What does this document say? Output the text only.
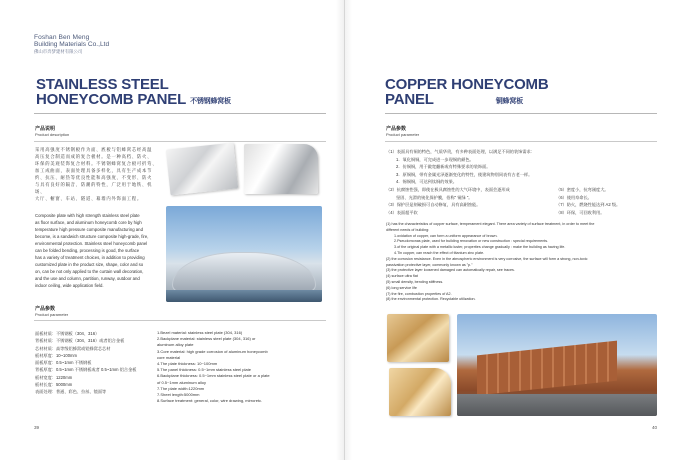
Foshan Ben Meng
Building Materials Co.,Ltd
佛山市奔梦建材有限公司
STAINLESS STEEL
HONEYCOMB PANEL 不锈钢蜂窝板
产品说明
Product description

采用高强度不锈钢板作为面、底板与铝蜂窝芯经高温

高压复合制造而成的复合板材。是一种高档、防火、

环保的美观装饰复合材料。不锈钢蜂窝复合板可折弯、

加工成曲面，表面处理具备多样化，具有生产成本节

约、抗压、耐热等优良性能和高强度、不变形、防火

与具有良好的隔音、防潮的特性，广泛用于地铁、机场、

大厅、橱窗、车站、隧道、幕墙内外饰面工程。

Composite plate with high strength stainless steel plate

as floor surface, and aluminum honeycomb core by high

temperature high pressure composite manufacturing and

become, is a sandwich structure composite high-grade, fire,

environmental protection. Stainless steel honeycomb panel

can be folded bending, processing is good, the surface

has a variety of treatment choices, in addition to providing

customized plate in the product size, shape, color and so

on, can be not only applied to the curtain wall decoration,

and the use and column, partition, runway, outdoor and

indoor ceiling, wide application field.

产品参数
Product parameter
面板材质：不锈钢板（304、316）
背板材质：不锈钢板（304、316）或者铝合金板
芯材材质：高等级铝蜂窝或铝蜂窝芯芯材
板材厚度：10~100mm
面板厚度：0.5~1mm 不锈钢板
背板厚度：0.5~1mm 不锈钢板或者 0.5~1mm 铝合金板
板材宽度：1220mm
板材长度：5000mm
表面处理：普通、彩色、拉丝、镜面等
1.Bezel material: stainless steel plate (304, 316)
2.Backplane material: stainless steel plate (304, 316) or
aluminum alloy plate
3.Core material: high grade corrosion of aluminum honeycomb
core material
4.The plate thickness: 10~100mm
5.The panel thickness: 0.5~1mm stainless steel plate
6.Backplane thickness: 0.5~1mm stainless steel plate or a plate
of 0.5~1mm aluminum alloy
7.The plate width:1220mm
7.Sheet length:5000mm
8.Surface treatment: general, color, wire drawing, mirroretc.
39
COPPER HONEYCOMB
PANEL	铜蜂窝板
产品参数
Product parameter

（1）表面具有铜的特色，气质华贵，有多种表面处理，以满足不同的装饰需求：

1．氧化铜铜，可完成进一步现铜的颜色。

2．仿铜铜，用于做宽翻新或有特殊要求的装饰面。

3．原铜铜，带有金属光泽逐渐变化的特性，使建筑物别同表有古老一样。

4．锡铜铜，可达到钛铜的效果。

（2）抗腐蚀性强，即使在极具腐蚀性的大气环境中，表面会逐形成	（5）密度小，抗弯刚度大。
坚固、光滑的钝化保护膜，俗称" 铜绿 "。	（6）使用寿命长。
（3）保护层是刻破损可自动修复，具有高耐蚀能。	（7）防火，燃烧性能达到 A2 级。
（4）表面超平软	（8）环保，可回收利用。

(1) has the characteristics of copper surface, temperament elegant. There area variety of surface treatment, in order to meet the

different needs of building:

1.oxidation of copper, can form a uniform appearance of brown.

2.Pseudomonas plate, used for building renovation or new construction : special requirements.

3.of the original plate with a metallic luster, properties change gradually : make the building as having life.

4.Tin copper, can reach the effect of titanium zinc plate.

(2) the corrosion resistance. Even in the atmospheric environment is very corrosive, the surface will form a strong, non-toxic

passivation protective layer, commonly known as "p."

(3) the protective layer loosened damaged can automatically repair, see traces.

(4) surface ultra flat

(5) small density, bending stiffness.

(6) long service life

(7) the fire, combustion properties of A2.

(8) the environmental protection. Recyclable utilization.

40
